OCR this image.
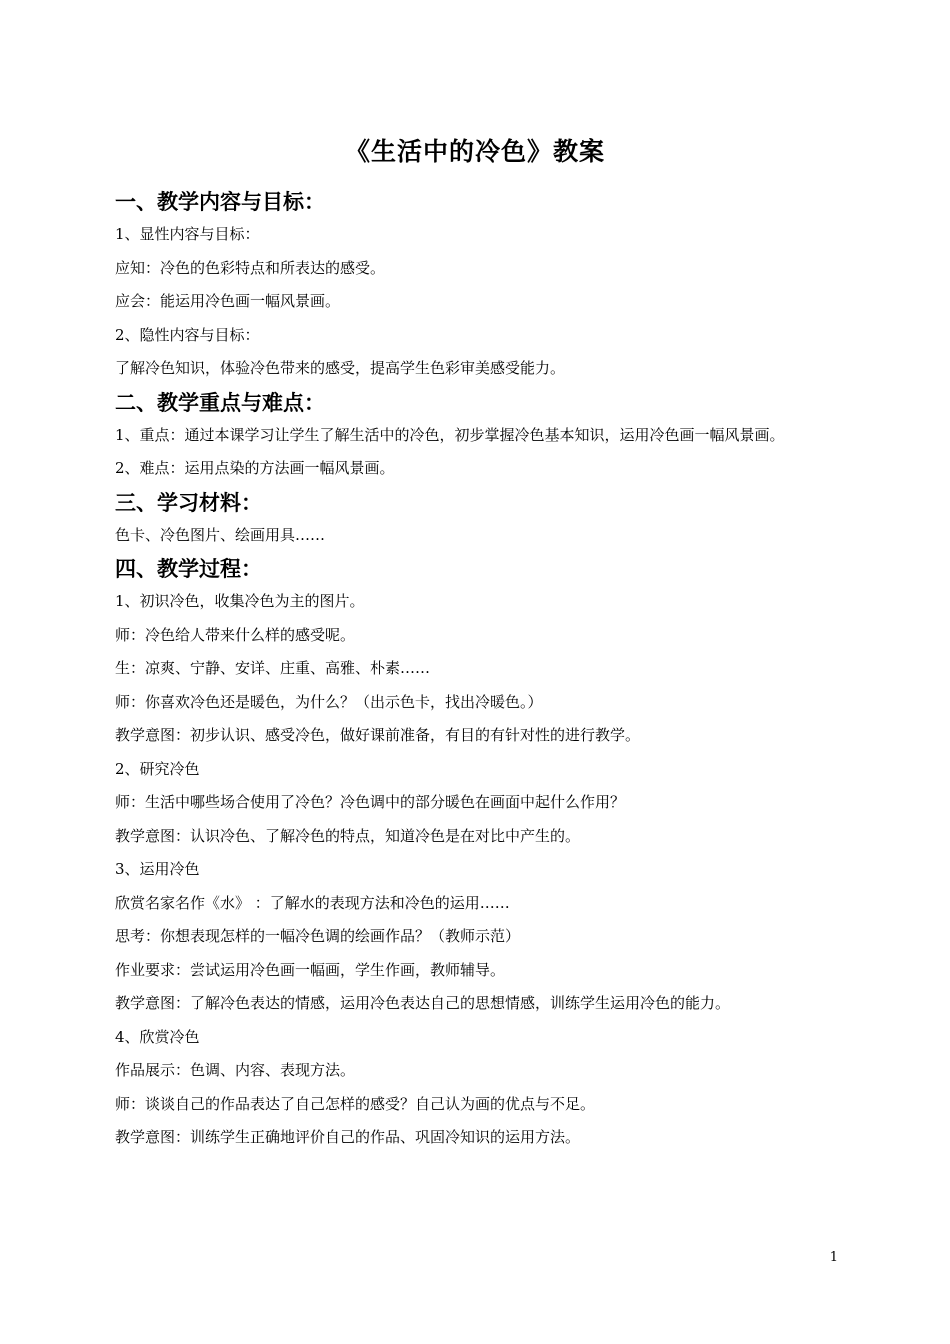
《生活中的冷色》教案
一、教学内容与目标：
1、显性内容与目标：
应知：冷色的色彩特点和所表达的感受。
应会：能运用冷色画一幅风景画。
2、隐性内容与目标：
了解冷色知识，体验冷色带来的感受，提高学生色彩审美感受能力。
二、教学重点与难点：
1、重点：通过本课学习让学生了解生活中的冷色，初步掌握冷色基本知识，运用冷色画一幅风景画。
2、难点：运用点染的方法画一幅风景画。
三、学习材料：
色卡、冷色图片、绘画用具……
四、教学过程：
1、初识冷色，收集冷色为主的图片。
师：冷色给人带来什么样的感受呢。
生：凉爽、宁静、安详、庄重、高雅、朴素……
师：你喜欢冷色还是暖色，为什么？（出示色卡，找出冷暖色。）
教学意图：初步认识、感受冷色，做好课前准备，有目的有针对性的进行教学。
2、研究冷色
师：生活中哪些场合使用了冷色？冷色调中的部分暖色在画面中起什么作用？
教学意图：认识冷色、了解冷色的特点，知道冷色是在对比中产生的。
3、运用冷色
欣赏名家名作《水》 ：了解水的表现方法和冷色的运用……
思考：你想表现怎样的一幅冷色调的绘画作品？（教师示范）
作业要求：尝试运用冷色画一幅画，学生作画，教师辅导。
教学意图：了解冷色表达的情感，运用冷色表达自己的思想情感，训练学生运用冷色的能力。
4、欣赏冷色
作品展示：色调、内容、表现方法。
师：谈谈自己的作品表达了自己怎样的感受？自己认为画的优点与不足。
教学意图：训练学生正确地评价自己的作品、巩固冷知识的运用方法。
1
